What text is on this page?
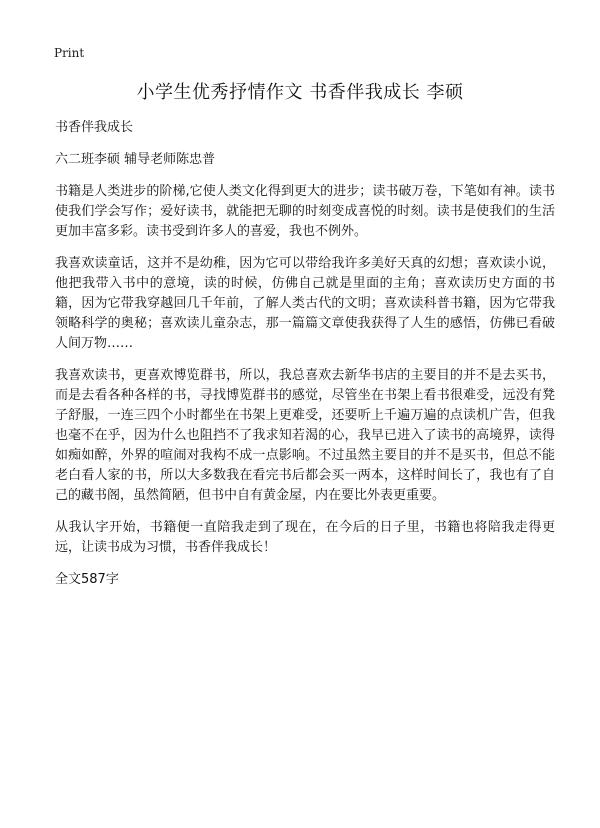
Print
小学生优秀抒情作文 书香伴我成长 李硕

书香伴我成长

六二班李硕 辅导老师陈忠普

书籍是人类进步的阶梯,它使人类文化得到更大的进步；读书破万卷，下笔如有神。读书使我们学会写作；爱好读书，就能把无聊的时刻变成喜悦的时刻。读书是使我们的生活更加丰富多彩。读书受到许多人的喜爱，我也不例外。

我喜欢读童话，这并不是幼稚，因为它可以带给我许多美好天真的幻想；喜欢读小说，他把我带入书中的意境，读的时候，仿佛自己就是里面的主角；喜欢读历史方面的书籍，因为它带我穿越回几千年前，了解人类古代的文明；喜欢读科普书籍，因为它带我领略科学的奥秘；喜欢读儿童杂志，那一篇篇文章使我获得了人生的感悟，仿佛已看破人间万物……

我喜欢读书，更喜欢博览群书，所以，我总喜欢去新华书店的主要目的并不是去买书，而是去看各种各样的书，寻找博览群书的感觉，尽管坐在书架上看书很难受，远没有凳子舒服，一连三四个小时都坐在书架上更难受，还要听上千遍万遍的点读机广告，但我也毫不在乎，因为什么也阻挡不了我求知若渴的心，我早已进入了读书的高境界，读得如痴如醉，外界的喧闹对我构不成一点影响。不过虽然主要目的并不是买书，但总不能老白看人家的书，所以大多数我在看完书后都会买一两本，这样时间长了，我也有了自己的藏书阁，虽然简陋，但书中自有黄金屋，内在要比外表更重要。

从我认字开始，书籍便一直陪我走到了现在，在今后的日子里，书籍也将陪我走得更远，让读书成为习惯，书香伴我成长！

全文587字
